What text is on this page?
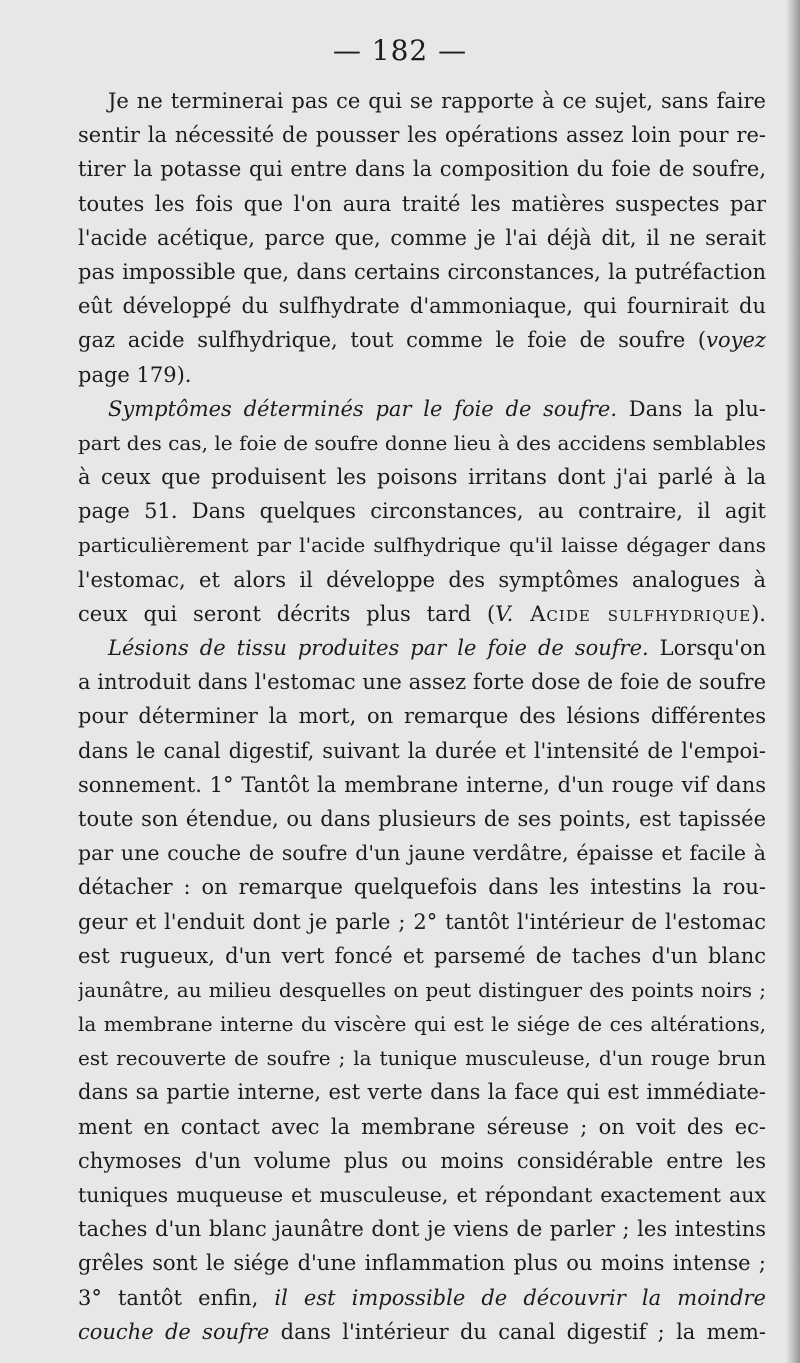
— 182 —
Je ne terminerai pas ce qui se rapporte à ce sujet, sans faire
sentir la nécessité de pousser les opérations assez loin pour re-
tirer la potasse qui entre dans la composition du foie de soufre,
toutes les fois que l'on aura traité les matières suspectes par
l'acide acétique, parce que, comme je l'ai déjà dit, il ne serait
pas impossible que, dans certains circonstances, la putréfaction
eût développé du sulfhydrate d'ammoniaque, qui fournirait du
gaz acide sulfhydrique, tout comme le foie de soufre (voyez
page 179).
Symptômes déterminés par le foie de soufre. Dans la plu-
part des cas, le foie de soufre donne lieu à des accidens semblables
à ceux que produisent les poisons irritans dont j'ai parlé à la
page 51. Dans quelques circonstances, au contraire, il agit
particulièrement par l'acide sulfhydrique qu'il laisse dégager dans
l'estomac, et alors il développe des symptômes analogues à
ceux qui seront décrits plus tard (V. Acide sulfhydrique).
Lésions de tissu produites par le foie de soufre. Lorsqu'on
a introduit dans l'estomac une assez forte dose de foie de soufre
pour déterminer la mort, on remarque des lésions différentes
dans le canal digestif, suivant la durée et l'intensité de l'empoi-
sonnement. 1° Tantôt la membrane interne, d'un rouge vif dans
toute son étendue, ou dans plusieurs de ses points, est tapissée
par une couche de soufre d'un jaune verdâtre, épaisse et facile à
détacher : on remarque quelquefois dans les intestins la rou-
geur et l'enduit dont je parle ; 2° tantôt l'intérieur de l'estomac
est rugueux, d'un vert foncé et parsemé de taches d'un blanc
jaunâtre, au milieu desquelles on peut distinguer des points noirs ;
la membrane interne du viscère qui est le siége de ces altérations,
est recouverte de soufre ; la tunique musculeuse, d'un rouge brun
dans sa partie interne, est verte dans la face qui est immédiate-
ment en contact avec la membrane séreuse ; on voit des ec-
chymoses d'un volume plus ou moins considérable entre les
tuniques muqueuse et musculeuse, et répondant exactement aux
taches d'un blanc jaunâtre dont je viens de parler ; les intestins
grêles sont le siége d'une inflammation plus ou moins intense ;
3° tantôt enfin, il est impossible de découvrir la moindre
couche de soufre dans l'intérieur du canal digestif ; la mem-
